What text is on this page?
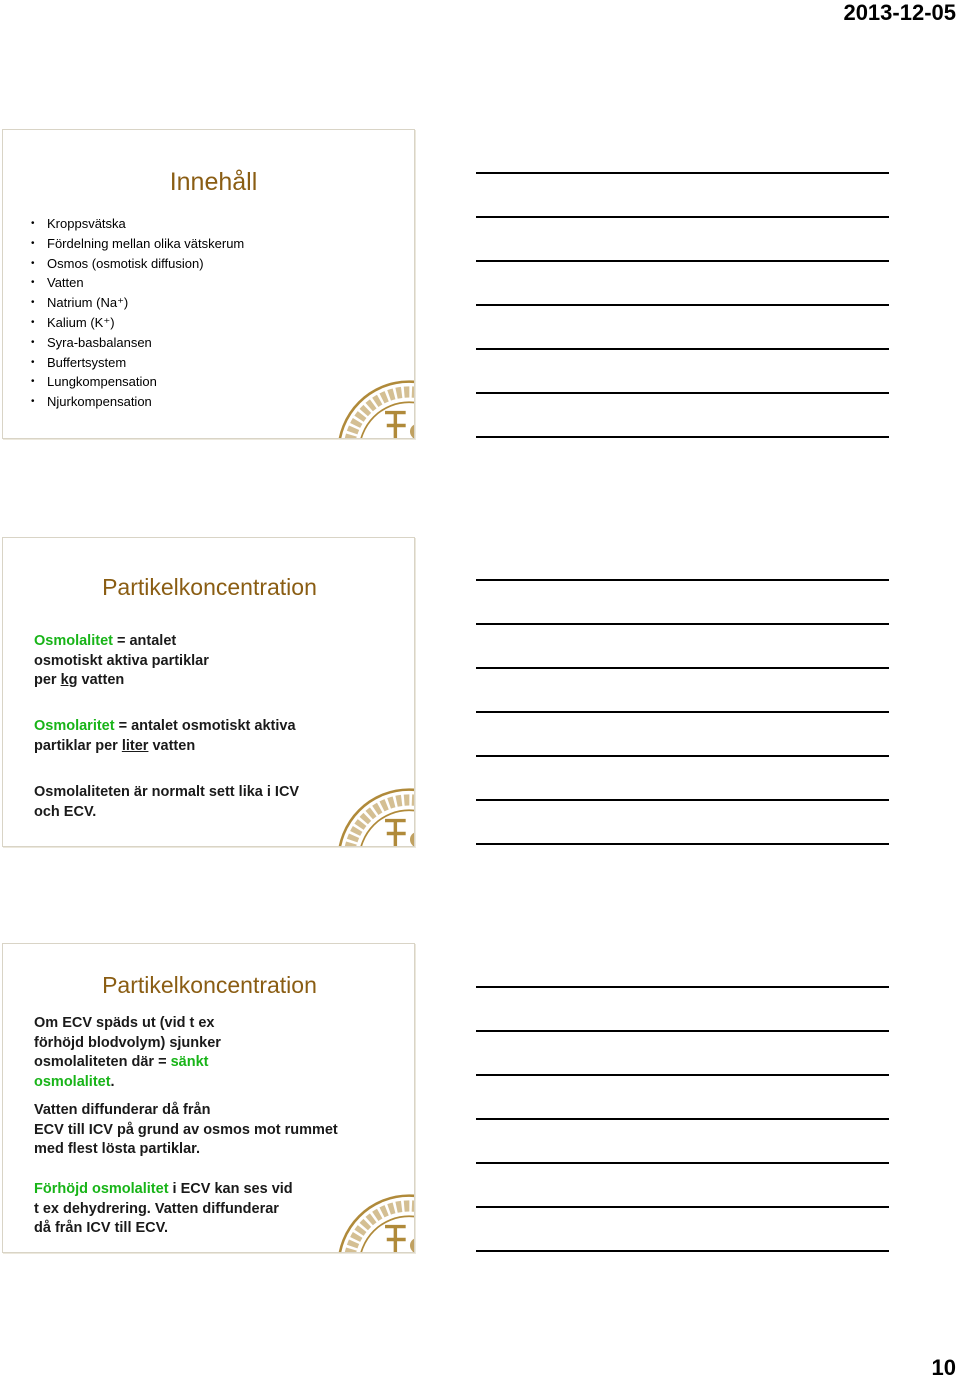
2013-12-05
Innehåll
• Kroppsvätska
• Fördelning mellan olika vätskerum
• Osmos (osmotisk diffusion)
• Vatten
• Natrium (Na⁺)
• Kalium (K⁺)
• Syra-basbalansen
• Buffertsystem
• Lungkompensation
• Njurkompensation
Partikelkoncentration

Osmolalitet = antalet
osmotiskt aktiva partiklar
per kg vatten

Osmolaritet = antalet osmotiskt aktiva
partiklar per liter vatten

Osmolaliteten är normalt sett lika i ICV
och ECV.

Partikelkoncentration

Om ECV späds ut (vid t ex
förhöjd blodvolym) sjunker
osmolaliteten där = sänkt
osmolalitet.

Vatten diffunderar då från
ECV till ICV på grund av osmos mot rummet
med flest lösta partiklar.

Förhöjd osmolalitet i ECV kan ses vid
t ex dehydrering. Vatten diffunderar
då från ICV till ECV.

10
